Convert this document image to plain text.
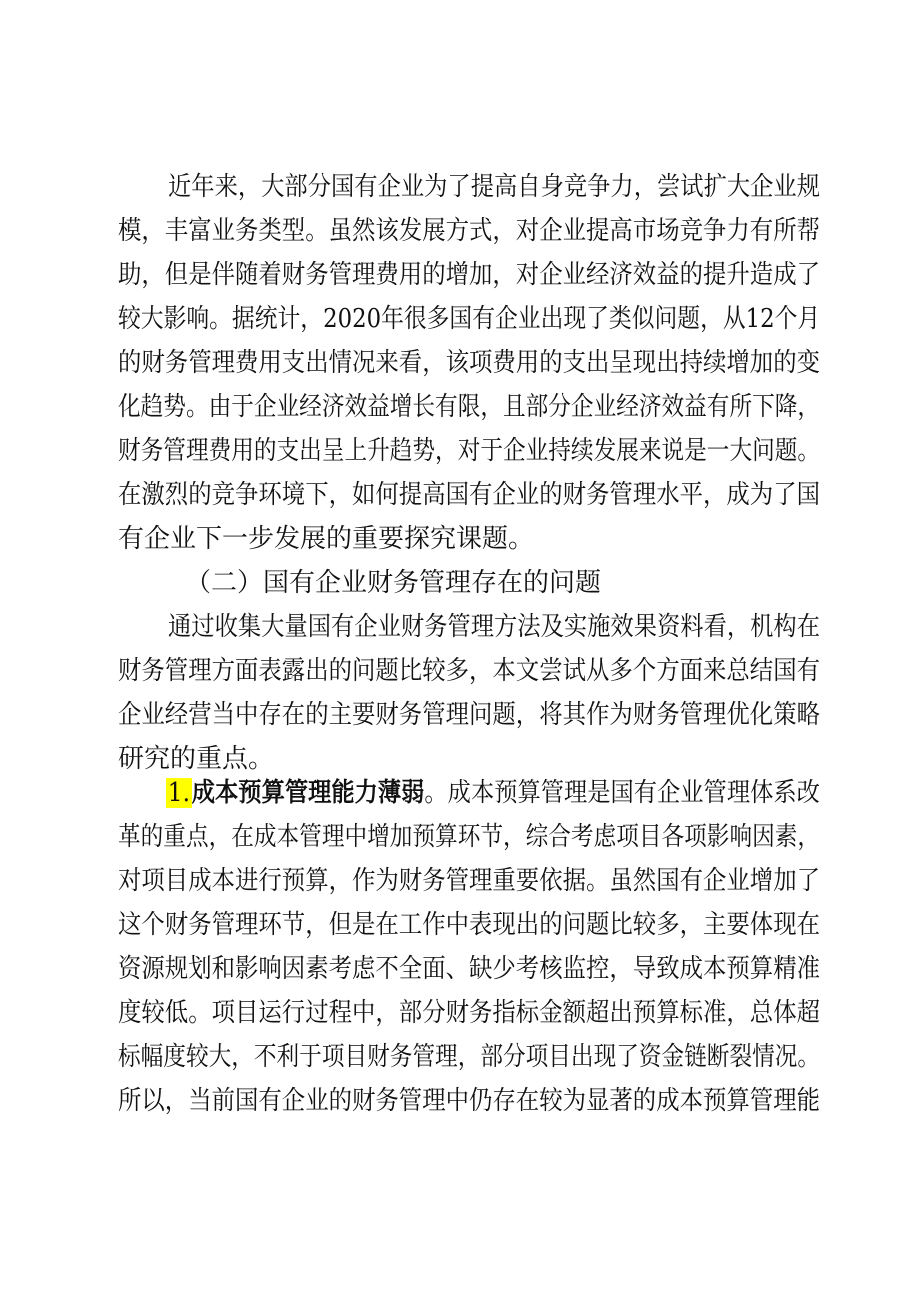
近年来，大部分国有企业为了提高自身竞争力，尝试扩大企业规
模，丰富业务类型。虽然该发展方式，对企业提高市场竞争力有所帮
助，但是伴随着财务管理费用的增加，对企业经济效益的提升造成了
较大影响。据统计，2020年很多国有企业出现了类似问题，从12个月
的财务管理费用支出情况来看，该项费用的支出呈现出持续增加的变
化趋势。由于企业经济效益增长有限，且部分企业经济效益有所下降，
财务管理费用的支出呈上升趋势，对于企业持续发展来说是一大问题。
在激烈的竞争环境下，如何提高国有企业的财务管理水平，成为了国
有企业下一步发展的重要探究课题。
（二）国有企业财务管理存在的问题
通过收集大量国有企业财务管理方法及实施效果资料看，机构在
财务管理方面表露出的问题比较多，本文尝试从多个方面来总结国有
企业经营当中存在的主要财务管理问题，将其作为财务管理优化策略
研究的重点。
1.成本预算管理能力薄弱。成本预算管理是国有企业管理体系改
革的重点，在成本管理中增加预算环节，综合考虑项目各项影响因素，
对项目成本进行预算，作为财务管理重要依据。虽然国有企业增加了
这个财务管理环节，但是在工作中表现出的问题比较多，主要体现在
资源规划和影响因素考虑不全面、缺少考核监控，导致成本预算精准
度较低。项目运行过程中，部分财务指标金额超出预算标准，总体超
标幅度较大，不利于项目财务管理，部分项目出现了资金链断裂情况。
所以，当前国有企业的财务管理中仍存在较为显著的成本预算管理能
